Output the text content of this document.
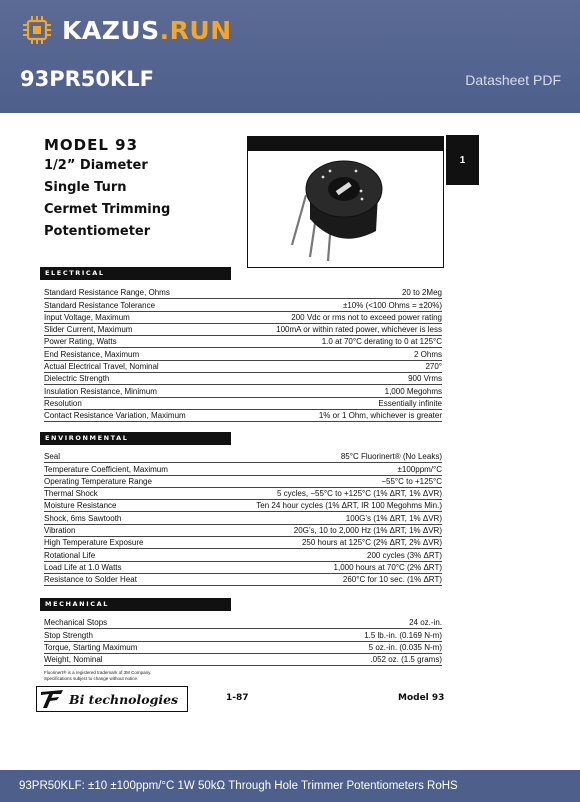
KAZUS.RUN
93PR50KLF	Datasheet PDF
MODEL 93
1/2” Diameter
Single Turn
Cermet Trimming
Potentiometer
1
ELECTRICAL
Standard Resistance Range, Ohms	20 to 2Meg
Standard Resistance Tolerance	±10% (<100 Ohms = ±20%)
Input Voltage, Maximum	200 Vdc or rms not to exceed power rating
Slider Current, Maximum	100mA or within rated power, whichever is less
Power Rating, Watts	1.0 at 70°C derating to 0 at 125°C
End Resistance, Maximum	2 Ohms
Actual Electrical Travel, Nominal	270°
Dielectric Strength	900 Vrms
Insulation Resistance, Minimum	1,000 Megohms
Resolution	Essentially infinite
Contact Resistance Variation, Maximum	1% or 1 Ohm, whichever is greater
ENVIRONMENTAL
Seal	85°C Fluorinert® (No Leaks)
Temperature Coefficient, Maximum	±100ppm/°C
Operating Temperature Range	−55°C to +125°C
Thermal Shock	5 cycles, −55°C to +125°C (1% ΔRT, 1% ΔVR)
Moisture Resistance	Ten 24 hour cycles (1% ΔRT, IR 100 Megohms Min.)
Shock, 6ms Sawtooth	100G’s (1% ΔRT, 1% ΔVR)
Vibration	20G’s, 10 to 2,000 Hz (1% ΔRT, 1% ΔVR)
High Temperature Exposure	250 hours at 125°C (2% ΔRT, 2% ΔVR)
Rotational Life	200 cycles (3% ΔRT)
Load Life at 1.0 Watts	1,000 hours at 70°C (2% ΔRT)
Resistance to Solder Heat	260°C for 10 sec. (1% ΔRT)
MECHANICAL
Mechanical Stops	24 oz.-in.
Stop Strength	1.5 lb.-in. (0.169 N-m)
Torque, Starting Maximum	5 oz.-in. (0.035 N-m)
Weight, Nominal	.052 oz. (1.5 grams)
Fluorinert® is a registered trademark of 3M Company.
Specifications subject to change without notice.
Bi technologies	1-87	Model 93
93PR50KLF: ±10 ±100ppm/°C 1W 50kΩ Through Hole Trimmer Potentiometers RoHS
